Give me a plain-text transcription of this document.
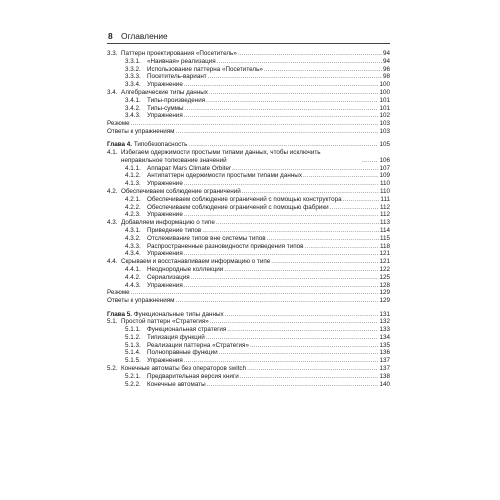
8 Оглавление
3.3. Паттерн проектирования «Посетитель» .....	94
3.3.1. «Наивная» реализация .....	94
3.3.2. Использование паттерна «Посетитель» .....	96
3.3.3. Посетитель-вариант .....	98
3.3.4. Упражнение .....	100
3.4. Алгебраические типы данных .....	100
3.4.1. Типы-произведения .....	101
3.4.2. Типы-суммы .....	101
3.4.3. Упражнения .....	102
Резюме .....	103
Ответы к упражнениям .....	103
Глава 4. Типобезопасность .....	105
4.1. Избегаем одержимости простыми типами данных, чтобы исключить неправильное толкование значений .....	106
4.1.1. Аппарат Mars Climate Orbiter .....	107
4.1.2. Антипаттерн одержимости простыми типами данных .....	109
4.1.3. Упражнение .....	110
4.2. Обеспечиваем соблюдение ограничений .....	110
4.2.1. Обеспечиваем соблюдение ограничений с помощью конструктора .....	111
4.2.2. Обеспечиваем соблюдение ограничений с помощью фабрики .....	112
4.2.3. Упражнение .....	112
4.3. Добавляем информацию о типе .....	113
4.3.1. Приведение типов .....	114
4.3.2. Отслеживание типов вне системы типов .....	115
4.3.3. Распространенные разновидности приведения типов .....	118
4.3.4. Упражнения .....	121
4.4. Скрываем и восстанавливаем информацию о типе .....	121
4.4.1. Неоднородные коллекции .....	122
4.4.2. Сериализация .....	125
4.4.3. Упражнения .....	128
Резюме .....	129
Ответы к упражнениям .....	129
Глава 5. Функциональные типы данных .....	131
5.1. Простой паттерн «Стратегия» .....	132
5.1.1. Функциональная стратегия .....	133
5.1.2. Типизация функций .....	134
5.1.3. Реализации паттерна «Стратегия» .....	135
5.1.4. Полноправные функции .....	136
5.1.5. Упражнения .....	137
5.2. Конечные автоматы без операторов switch .....	137
5.2.1. Предварительная версия книги .....	138
5.2.2. Конечные автоматы .....	140
